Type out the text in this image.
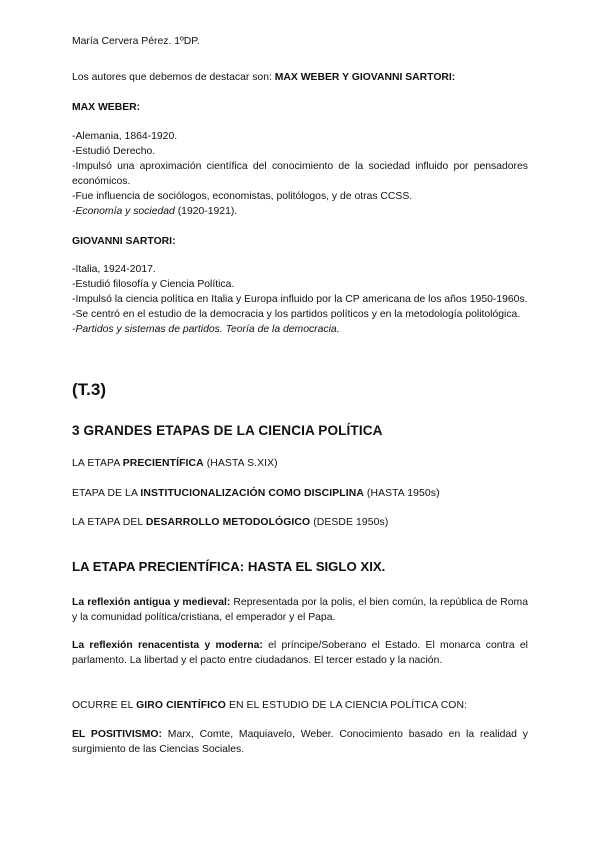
María Cervera Pérez. 1ºDP.
Los autores que debemos de destacar son: MAX WEBER Y GIOVANNI SARTORI:
MAX WEBER:
-Alemania, 1864-1920.
-Estudió Derecho.
-Impulsó una aproximación científica del conocimiento de la sociedad influido por pensadores económicos.
-Fue influencia de sociólogos, economistas, politólogos, y de otras CCSS.
-Economía y sociedad (1920-1921).
GIOVANNI SARTORI:
-Italia, 1924-2017.
-Estudió filosofía y Ciencia Política.
-Impulsó la ciencia política en Italia y Europa influido por la CP americana de los años 1950-1960s.
-Se centró en el estudio de la democracia y los partidos políticos y en la metodología politológica.
-Partidos y sistemas de partidos. Teoría de la democracia.
(T.3)
3 GRANDES ETAPAS DE LA CIENCIA POLÍTICA
LA ETAPA PRECIENTÍFICA (HASTA S.XIX)
ETAPA DE LA INSTITUCIONALIZACIÓN COMO DISCIPLINA (HASTA 1950s)
LA ETAPA DEL DESARROLLO METODOLÓGICO (DESDE 1950s)
LA ETAPA PRECIENTÍFICA: HASTA EL SIGLO XIX.
La reflexión antigua y medieval: Representada por la polis, el bien común, la república de Roma y la comunidad política/cristiana, el emperador y el Papa.
La reflexión renacentista y moderna: el príncipe/Soberano el Estado. El monarca contra el parlamento. La libertad y el pacto entre ciudadanos. El tercer estado y la nación.
OCURRE EL GIRO CIENTÍFICO EN EL ESTUDIO DE LA CIENCIA POLÍTICA CON:
EL POSITIVISMO: Marx, Comte, Maquiavelo, Weber. Conocimiento basado en la realidad y surgimiento de las Ciencias Sociales.
